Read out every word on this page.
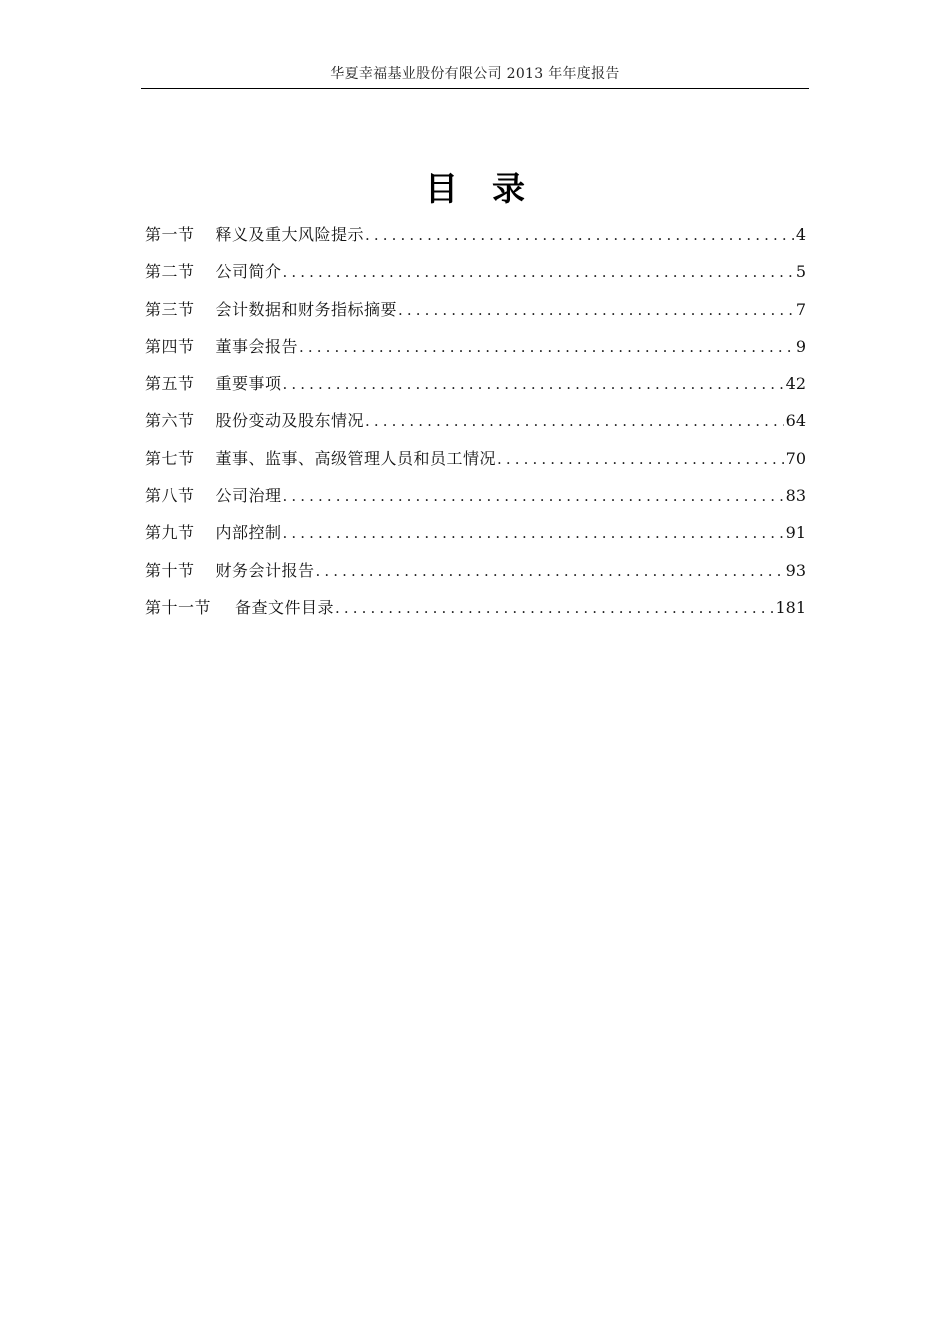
华夏幸福基业股份有限公司 2013 年年度报告
目录
第一节 释义及重大风险提示 .....	4
第二节 公司简介 .....	5
第三节 会计数据和财务指标摘要 .....	7
第四节 董事会报告 .....	9
第五节 重要事项 .....	42
第六节 股份变动及股东情况 .....	64
第七节 董事、监事、高级管理人员和员工情况 .....	70
第八节 公司治理 .....	83
第九节 内部控制 .....	91
第十节 财务会计报告 .....	93
第十一节 备查文件目录 .....	181
